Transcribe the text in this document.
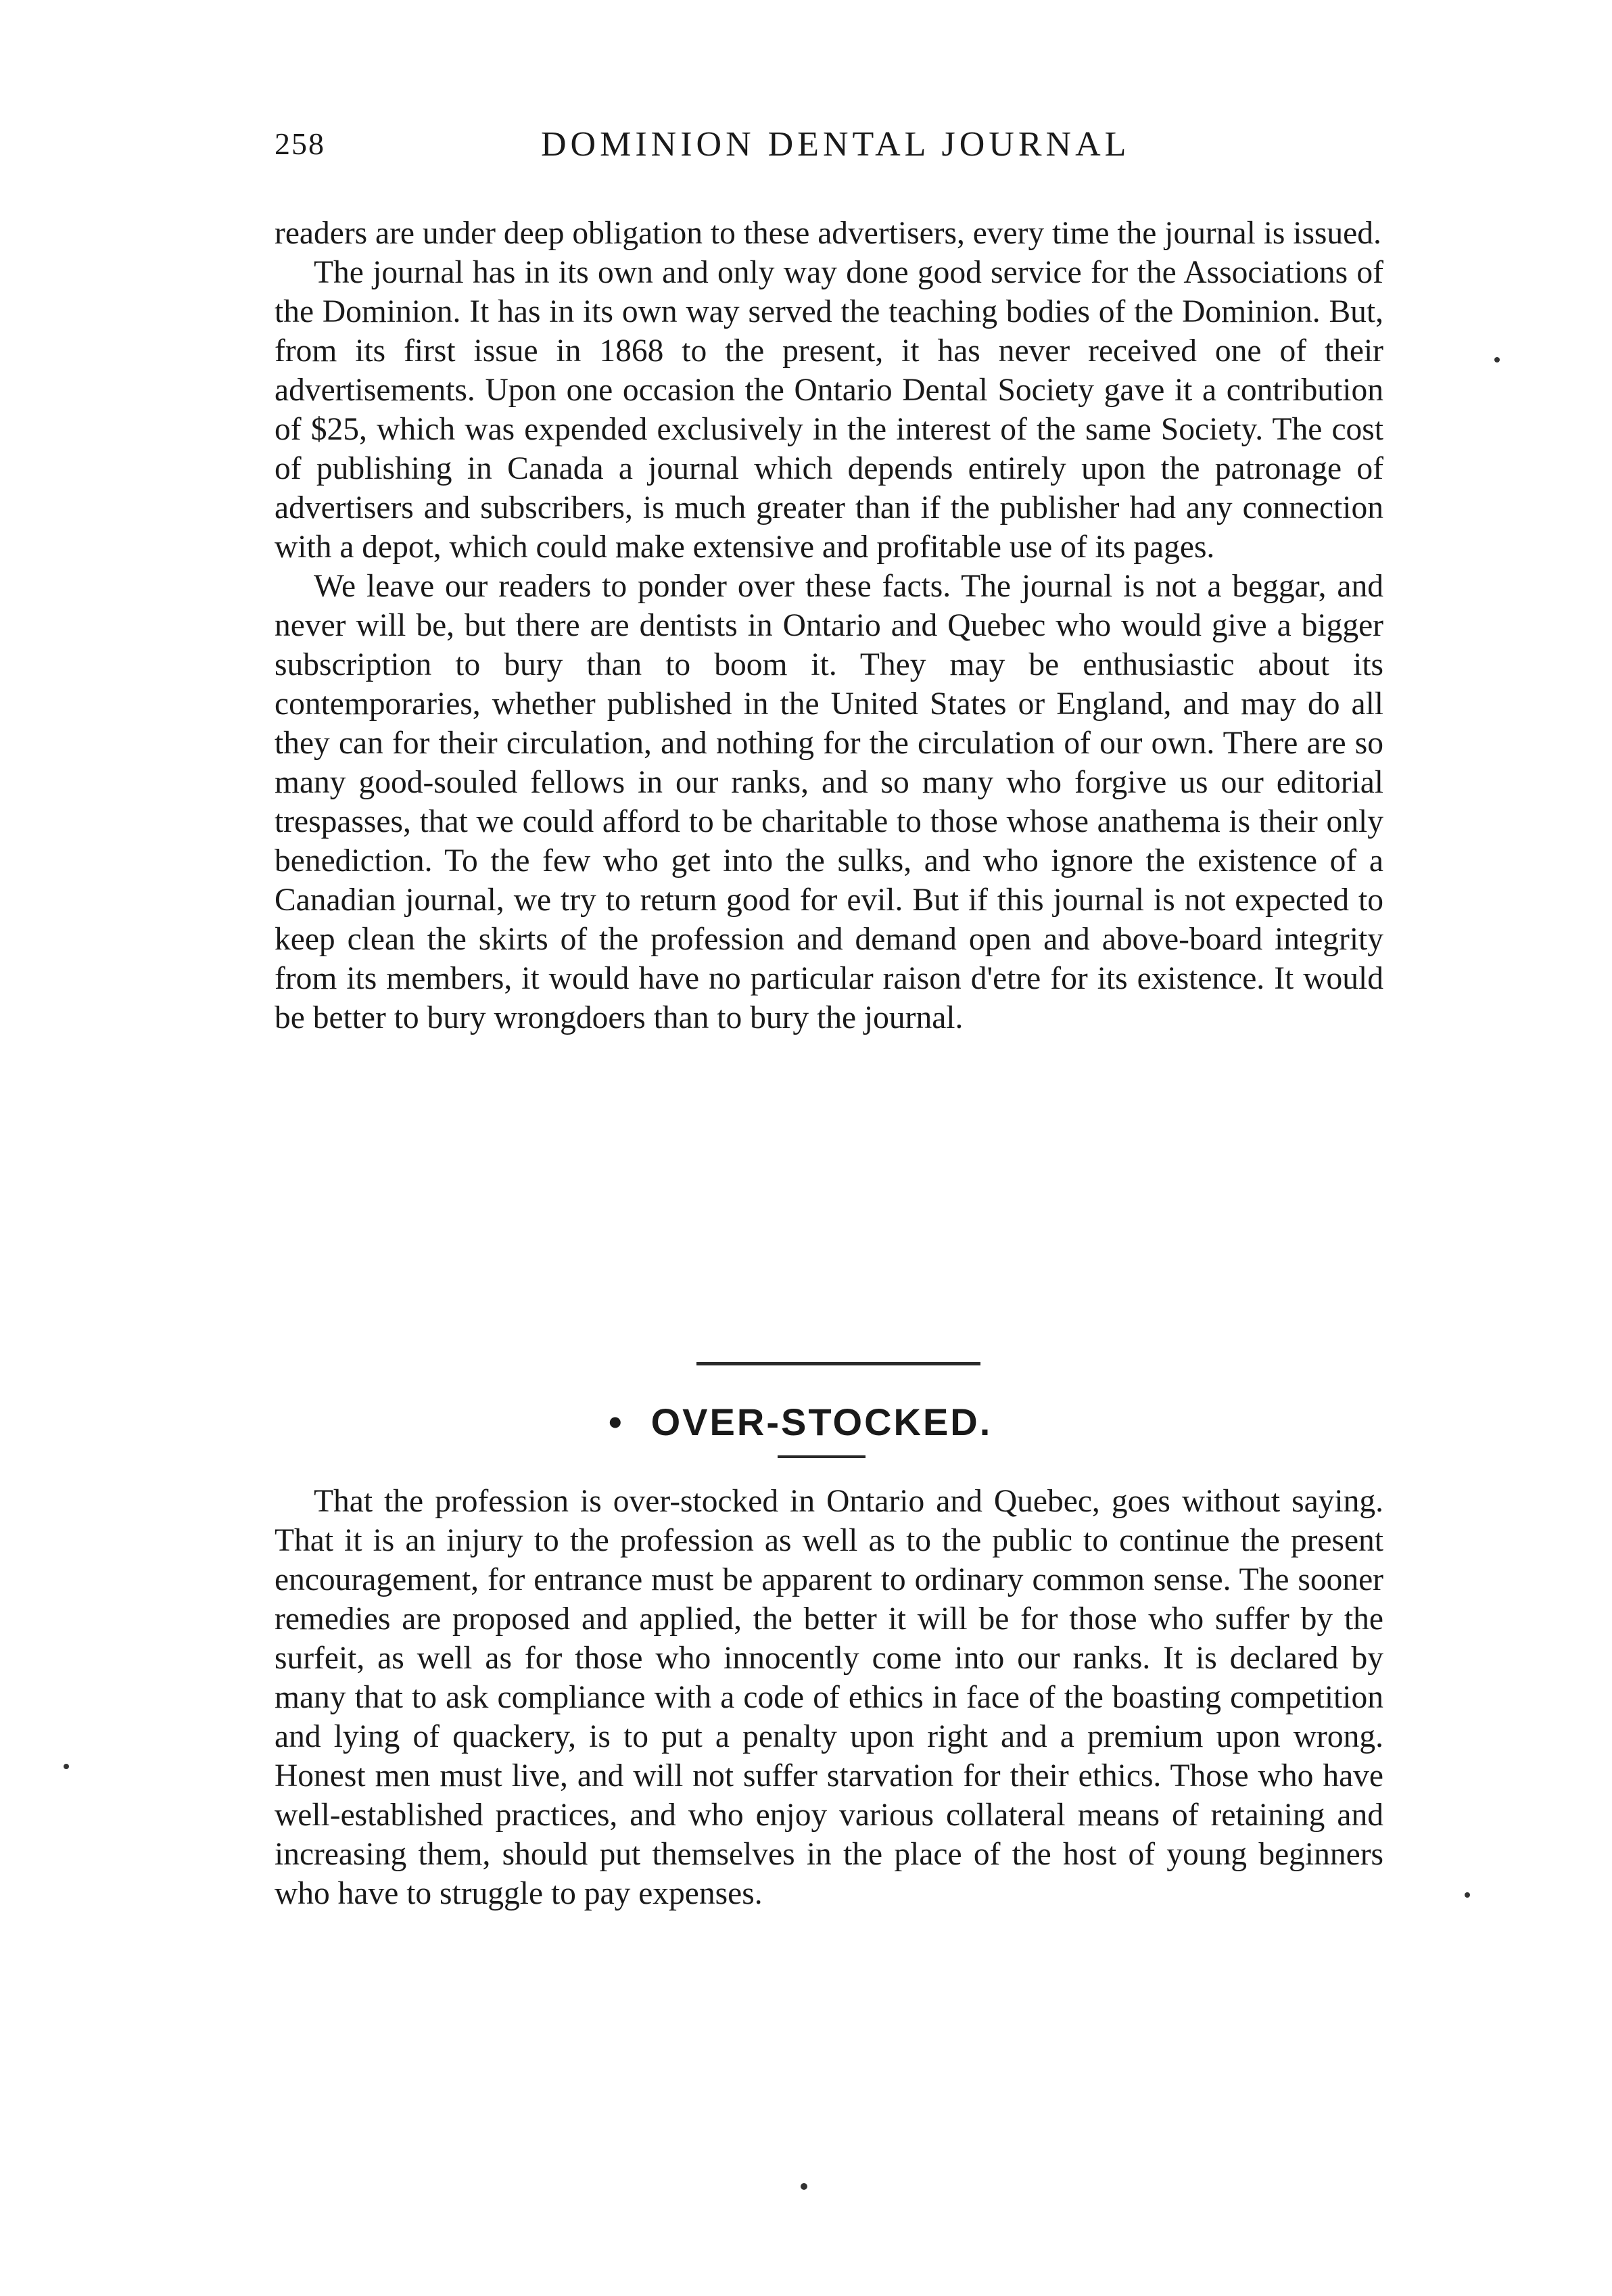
258	DOMINION DENTAL JOURNAL

readers are under deep obligation to these advertisers, every time the journal is issued.

The journal has in its own and only way done good service for the Associations of the Dominion. It has in its own way served the teaching bodies of the Dominion. But, from its first issue in 1868 to the present, it has never received one of their advertisements. Upon one occasion the Ontario Dental Society gave it a contribution of $25, which was expended exclusively in the interest of the same Society. The cost of publishing in Canada a journal which depends entirely upon the patronage of advertisers and subscribers, is much greater than if the publisher had any connection with a depot, which could make extensive and profitable use of its pages.

We leave our readers to ponder over these facts. The journal is not a beggar, and never will be, but there are dentists in Ontario and Quebec who would give a bigger subscription to bury than to boom it. They may be enthusiastic about its contemporaries, whether published in the United States or England, and may do all they can for their circulation, and nothing for the circulation of our own. There are so many good-souled fellows in our ranks, and so many who forgive us our editorial trespasses, that we could afford to be charitable to those whose anathema is their only benediction. To the few who get into the sulks, and who ignore the existence of a Canadian journal, we try to return good for evil. But if this journal is not expected to keep clean the skirts of the profession and demand open and above-board integrity from its members, it would have no particular raison d'etre for its existence. It would be better to bury wrongdoers than to bury the journal.

• OVER-STOCKED.

That the profession is over-stocked in Ontario and Quebec, goes without saying. That it is an injury to the profession as well as to the public to continue the present encouragement, for entrance must be apparent to ordinary common sense. The sooner remedies are proposed and applied, the better it will be for those who suffer by the surfeit, as well as for those who innocently come into our ranks. It is declared by many that to ask compliance with a code of ethics in face of the boasting competition and lying of quackery, is to put a penalty upon right and a premium upon wrong. Honest men must live, and will not suffer starvation for their ethics. Those who have well-established practices, and who enjoy various collateral means of retaining and increasing them, should put themselves in the place of the host of young beginners who have to struggle to pay expenses.
